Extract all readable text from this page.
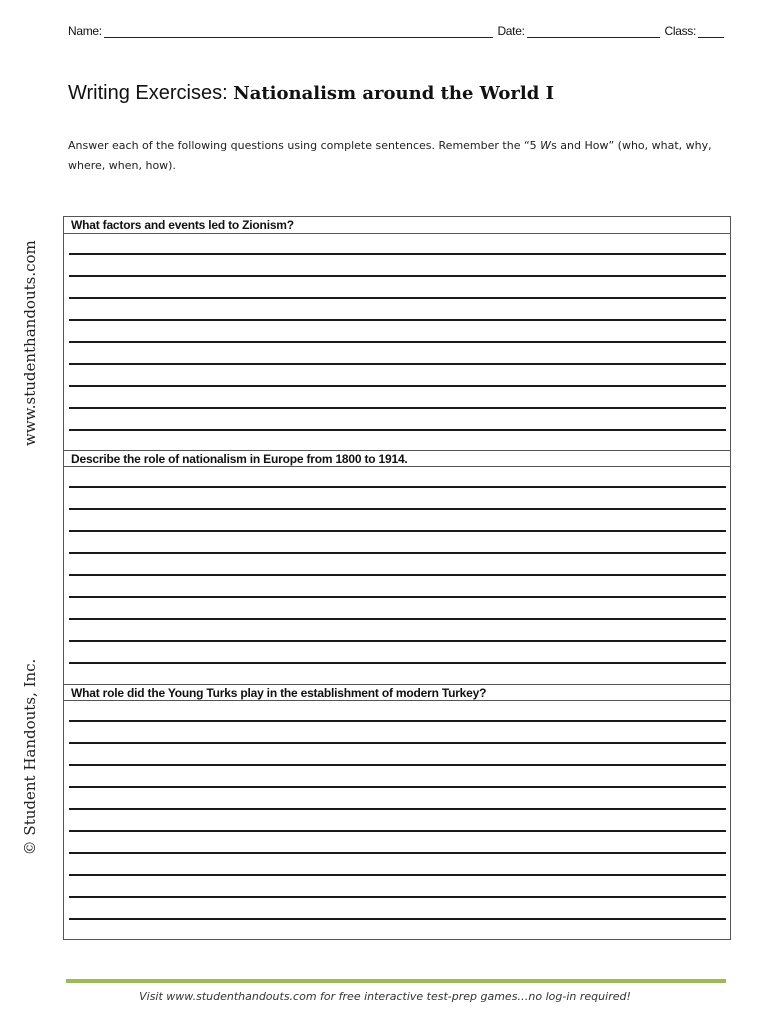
Name:	Date:	Class:
Writing Exercises: Nationalism around the World I
Answer each of the following questions using complete sentences. Remember the “5 Ws and How” (who, what, why, where, when, how).
www.studenthandouts.com
© Student Handouts, Inc.
What factors and events led to Zionism?
Describe the role of nationalism in Europe from 1800 to 1914.
What role did the Young Turks play in the establishment of modern Turkey?
Visit www.studenthandouts.com for free interactive test-prep games…no log-in required!
